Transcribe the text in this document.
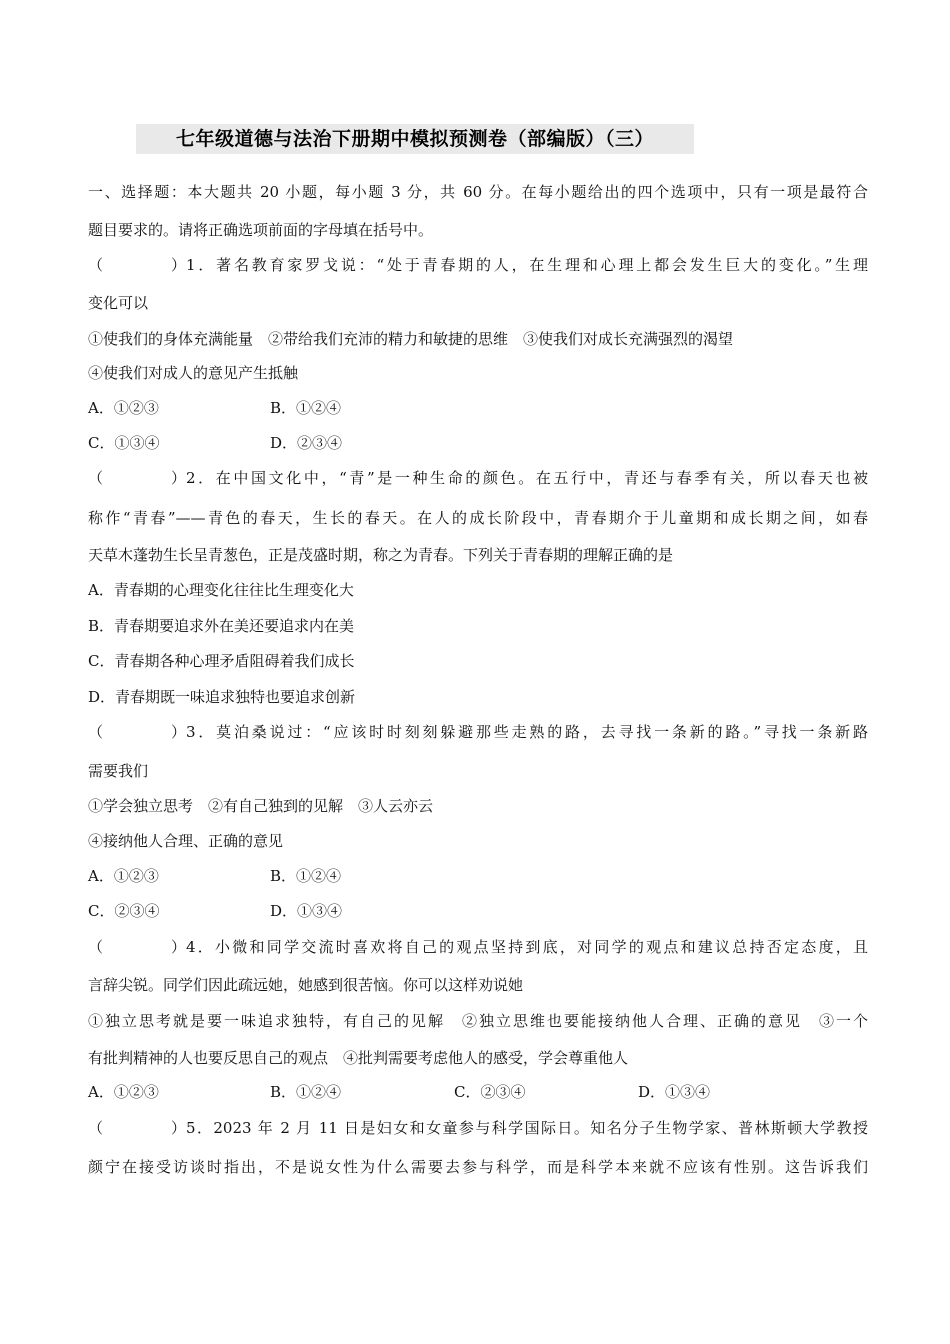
七年级道德与法治下册期中模拟预测卷（部编版）（三）
一、选择题：本大题共 20 小题，每小题 3 分，共 60 分。在每小题给出的四个选项中，只有一项是最符合
题目要求的。请将正确选项前面的字母填在括号中。
（　　　　）1．著名教育家罗戈说：“处于青春期的人，在生理和心理上都会发生巨大的变化。”生理
变化可以
①使我们的身体充满能量　②带给我们充沛的精力和敏捷的思维　③使我们对成长充满强烈的渴望
④使我们对成人的意见产生抵触
A．①②③	B．①②④
C．①③④	D．②③④
（　　　　）2．在中国文化中，“青”是一种生命的颜色。在五行中，青还与春季有关，所以春天也被
称作“青春”——青色的春天，生长的春天。在人的成长阶段中，青春期介于儿童期和成长期之间，如春
天草木蓬勃生长呈青葱色，正是茂盛时期，称之为青春。下列关于青春期的理解正确的是
A．青春期的心理变化往往比生理变化大
B．青春期要追求外在美还要追求内在美
C．青春期各种心理矛盾阻碍着我们成长
D．青春期既一味追求独特也要追求创新
（　　　　）3．莫泊桑说过：“应该时时刻刻躲避那些走熟的路，去寻找一条新的路。”寻找一条新路
需要我们
①学会独立思考　②有自己独到的见解　③人云亦云
④接纳他人合理、正确的意见
A．①②③	B．①②④
C．②③④	D．①③④
（　　　　）4．小微和同学交流时喜欢将自己的观点坚持到底，对同学的观点和建议总持否定态度，且
言辞尖锐。同学们因此疏远她，她感到很苦恼。你可以这样劝说她
①独立思考就是要一味追求独特，有自己的见解　②独立思维也要能接纳他人合理、正确的意见　③一个
有批判精神的人也要反思自己的观点　④批判需要考虑他人的感受，学会尊重他人
A．①②③	B．①②④	C．②③④	D．①③④
（　　　　）5．2023 年 2 月 11 日是妇女和女童参与科学国际日。知名分子生物学家、普林斯顿大学教授
颜宁在接受访谈时指出，不是说女性为什么需要去参与科学，而是科学本来就不应该有性别。这告诉我们
